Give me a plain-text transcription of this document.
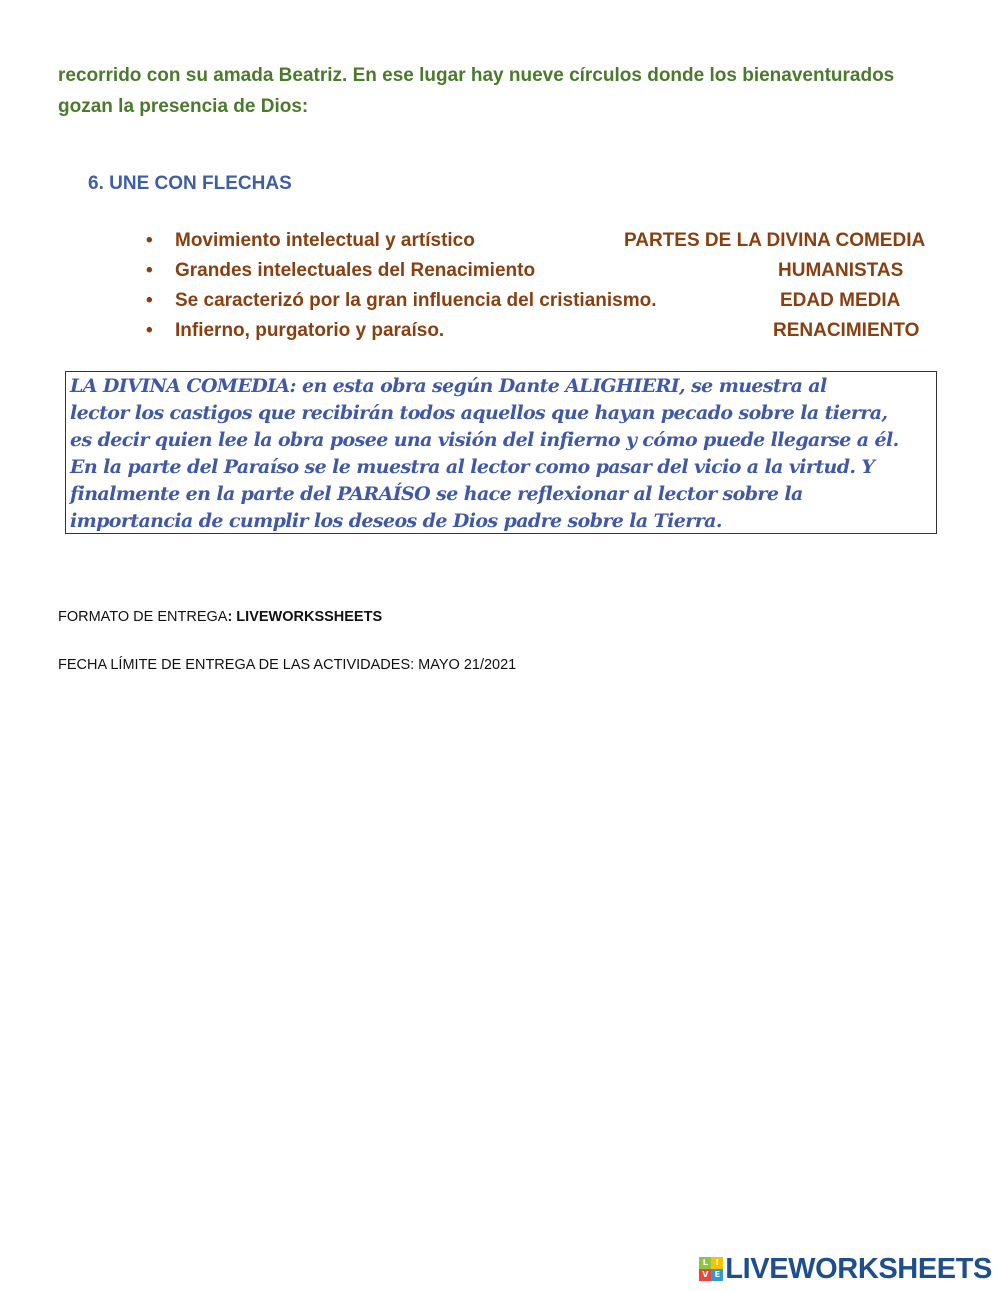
recorrido con su amada Beatriz. En ese lugar hay nueve círculos donde los bienaventurados

gozan la presencia de Dios:

6. UNE CON FLECHAS
• Movimiento intelectual y artístico	PARTES DE LA DIVINA COMEDIA
• Grandes intelectuales del Renacimiento	HUMANISTAS
• Se caracterizó por la gran influencia del cristianismo.	EDAD MEDIA
• Infierno, purgatorio y paraíso.	RENACIMIENTO

LA DIVINA COMEDIA: en esta obra según Dante ALIGHIERI, se muestra al

lector los castigos que recibirán todos aquellos que hayan pecado sobre la tierra,

es decir quien lee la obra posee una visión del infierno y cómo puede llegarse a él.

En la parte del Paraíso se le muestra al lector como pasar del vicio a la virtud. Y

finalmente en la parte del PARAÍSO se hace reflexionar al lector sobre la

importancia de cumplir los deseos de Dios padre sobre la Tierra.

FORMATO DE ENTREGA: LIVEWORKSSHEETS

FECHA LÍMITE DE ENTREGA DE LAS ACTIVIDADES: MAYO 21/2021

L I
V E LIVEWORKSHEETS
